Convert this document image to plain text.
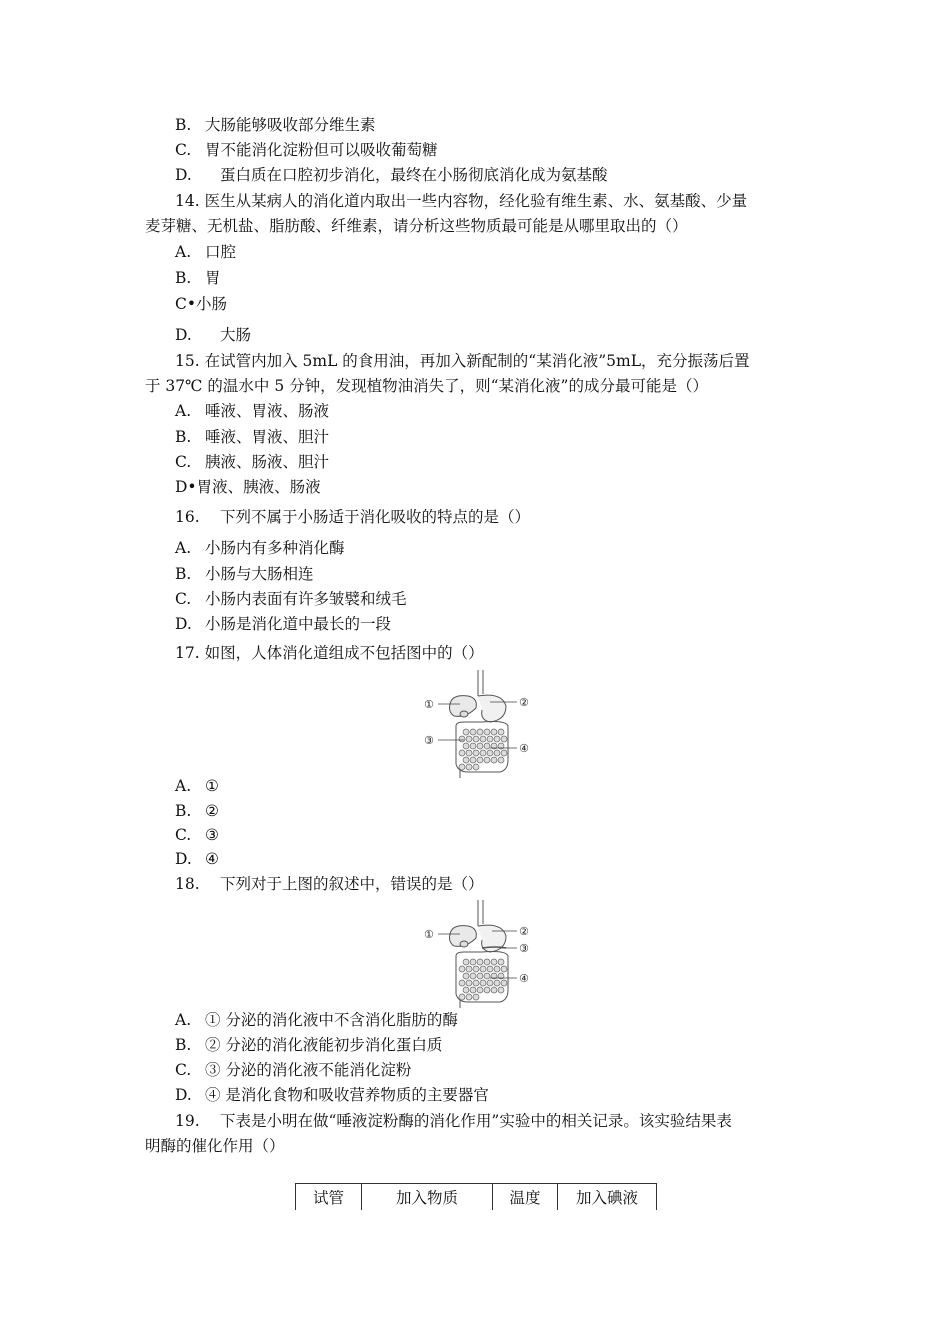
B. 大肠能够吸收部分维生素
C. 胃不能消化淀粉但可以吸收葡萄糖
D. 蛋白质在口腔初步消化，最终在小肠彻底消化成为氨基酸
14. 医生从某病人的消化道内取出一些内容物，经化验有维生素、水、氨基酸、少量
麦芽糖、无机盐、脂肪酸、纤维素，请分析这些物质最可能是从哪里取出的（）
A. 口腔
B. 胃
C•小肠
D. 大肠
15. 在试管内加入 5mL 的食用油，再加入新配制的“某消化液”5mL，充分振荡后置
于 37℃ 的温水中 5 分钟，发现植物油消失了，则“某消化液”的成分最可能是（）
A. 唾液、胃液、肠液
B. 唾液、胃液、胆汁
C. 胰液、肠液、胆汁
D•胃液、胰液、肠液
16. 下列不属于小肠适于消化吸收的特点的是（）
A. 小肠内有多种消化酶
B. 小肠与大肠相连
C. 小肠内表面有许多皱襞和绒毛
D. 小肠是消化道中最长的一段
17. 如图，人体消化道组成不包括图中的（）
①	②
③
④
A. ①
B. ②
C. ③
D. ④
18. 下列对于上图的叙述中，错误的是（）
①	②
③
④
A. ① 分泌的消化液中不含消化脂肪的酶
B. ② 分泌的消化液能初步消化蛋白质
C. ③ 分泌的消化液不能消化淀粉
D. ④ 是消化食物和吸收营养物质的主要器官
19. 下表是小明在做“唾液淀粉酶的消化作用”实验中的相关记录。该实验结果表
明酶的催化作用（）
试管	加入物质	温度	加入碘液
